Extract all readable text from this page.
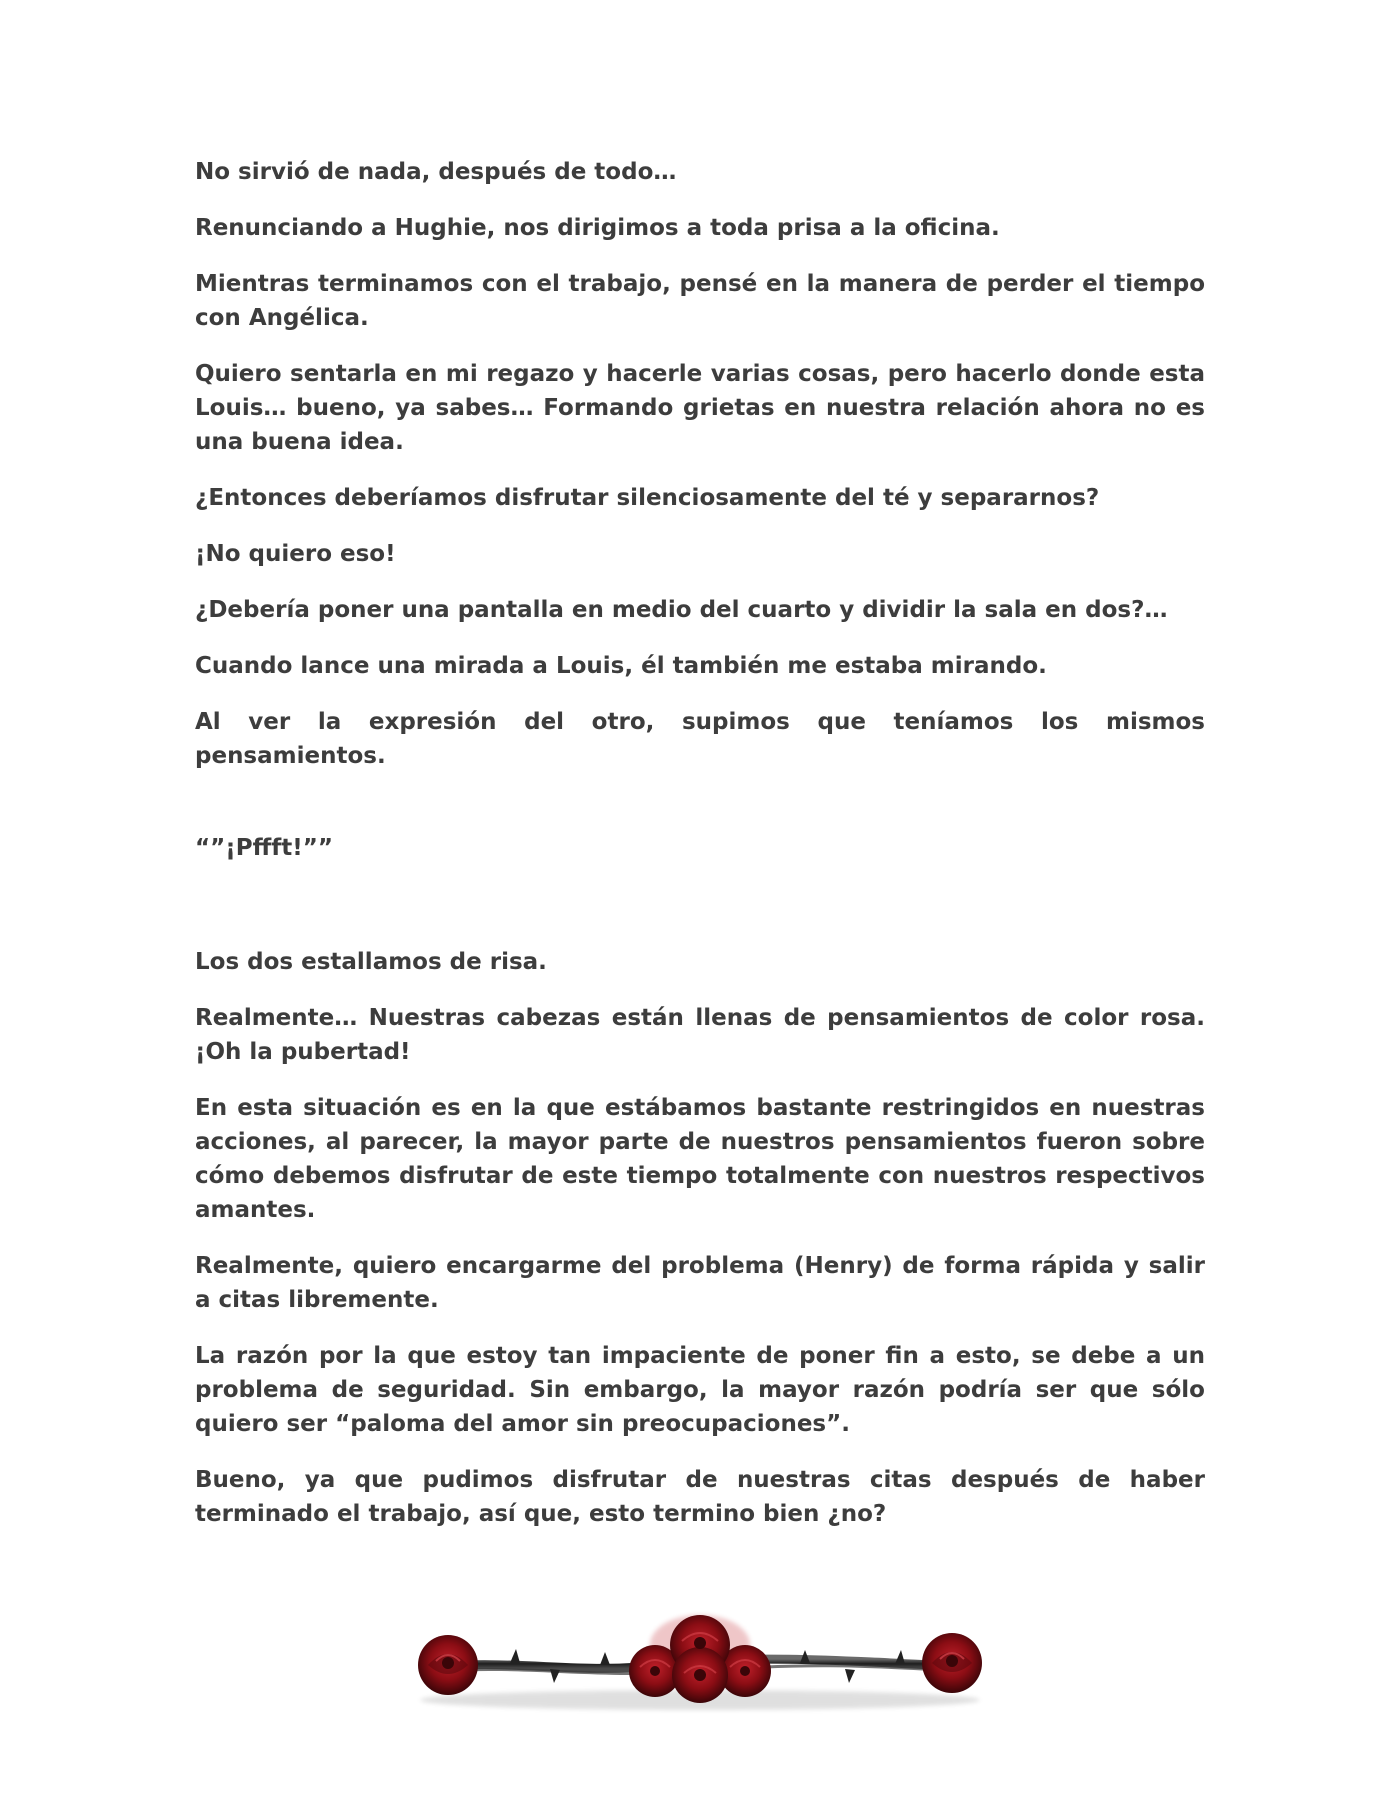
No sirvió de nada, después de todo…

Renunciando a Hughie, nos dirigimos a toda prisa a la oficina.

Mientras terminamos con el trabajo, pensé en la manera de perder el tiempo con Angélica.

Quiero sentarla en mi regazo y hacerle varias cosas, pero hacerlo donde esta Louis… bueno, ya sabes… Formando grietas en nuestra relación ahora no es una buena idea.

¿Entonces deberíamos disfrutar silenciosamente del té y separarnos?

¡No quiero eso!

¿Debería poner una pantalla en medio del cuarto y dividir la sala en dos?…

Cuando lance una mirada a Louis, él también me estaba mirando.

Al ver la expresión del otro, supimos que teníamos los mismos pensamientos.

“”¡Pffft!””

Los dos estallamos de risa.

Realmente… Nuestras cabezas están llenas de pensamientos de color rosa. ¡Oh la pubertad!

En esta situación es en la que estábamos bastante restringidos en nuestras acciones, al parecer, la mayor parte de nuestros pensamientos fueron sobre cómo debemos disfrutar de este tiempo totalmente con nuestros respectivos amantes.

Realmente, quiero encargarme del problema (Henry) de forma rápida y salir a citas libremente.

La razón por la que estoy tan impaciente de poner fin a esto, se debe a un problema de seguridad. Sin embargo, la mayor razón podría ser que sólo quiero ser “paloma del amor sin preocupaciones”.

Bueno, ya que pudimos disfrutar de nuestras citas después de haber terminado el trabajo, así que, esto termino bien ¿no?
